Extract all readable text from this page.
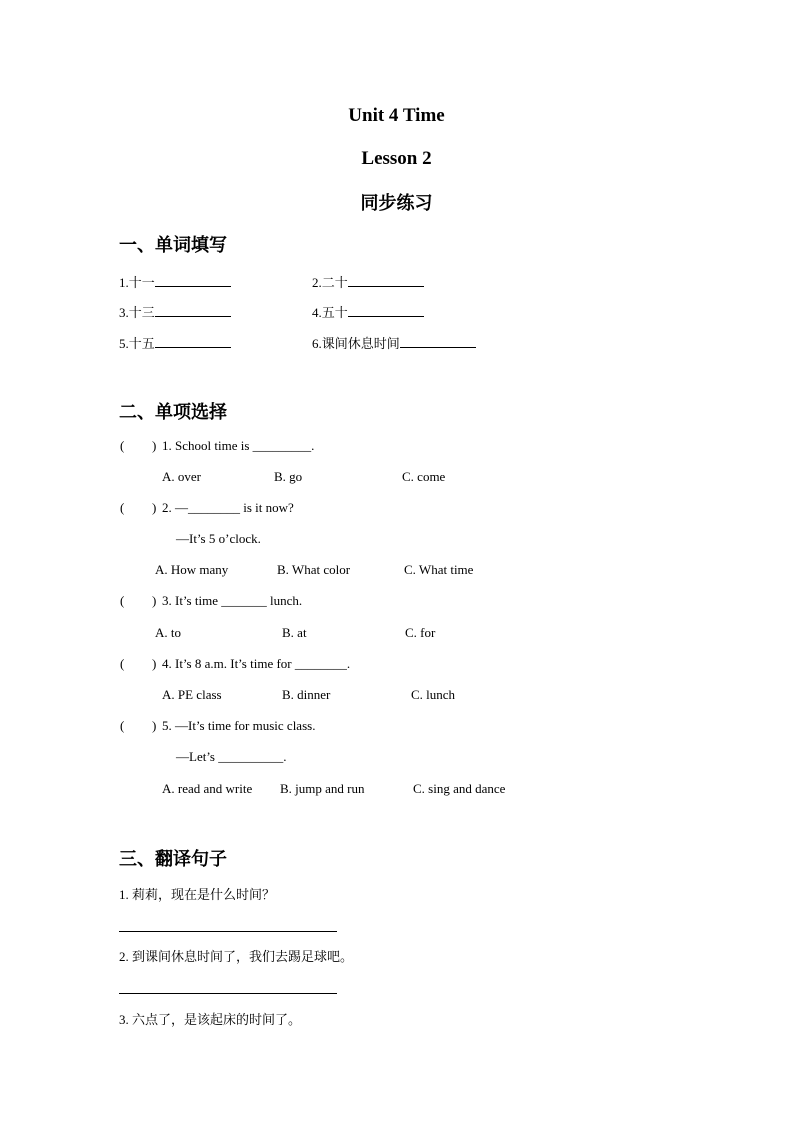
Unit 4 Time
Lesson 2
同步练习
一、单词填写
1.十一	2.二十
3.十三	4.五十
5.十五	6.课间休息时间
二、单项选择
( ) 1. School time is _________.
A. over	B. go	C. come
( ) 2. —________ is it now?
—It’s 5 o’clock.
A. How many	B. What color	C. What time
( ) 3. It’s time _______ lunch.
A. to	B. at	C. for
( ) 4. It’s 8 a.m. It’s time for ________.
A. PE class	B. dinner	C. lunch
( ) 5. —It’s time for music class.
—Let’s __________.
A. read and write B. jump and run	C. sing and dance
三、翻译句子
1. 莉莉，现在是什么时间？
2. 到课间休息时间了，我们去踢足球吧。
3. 六点了，是该起床的时间了。
